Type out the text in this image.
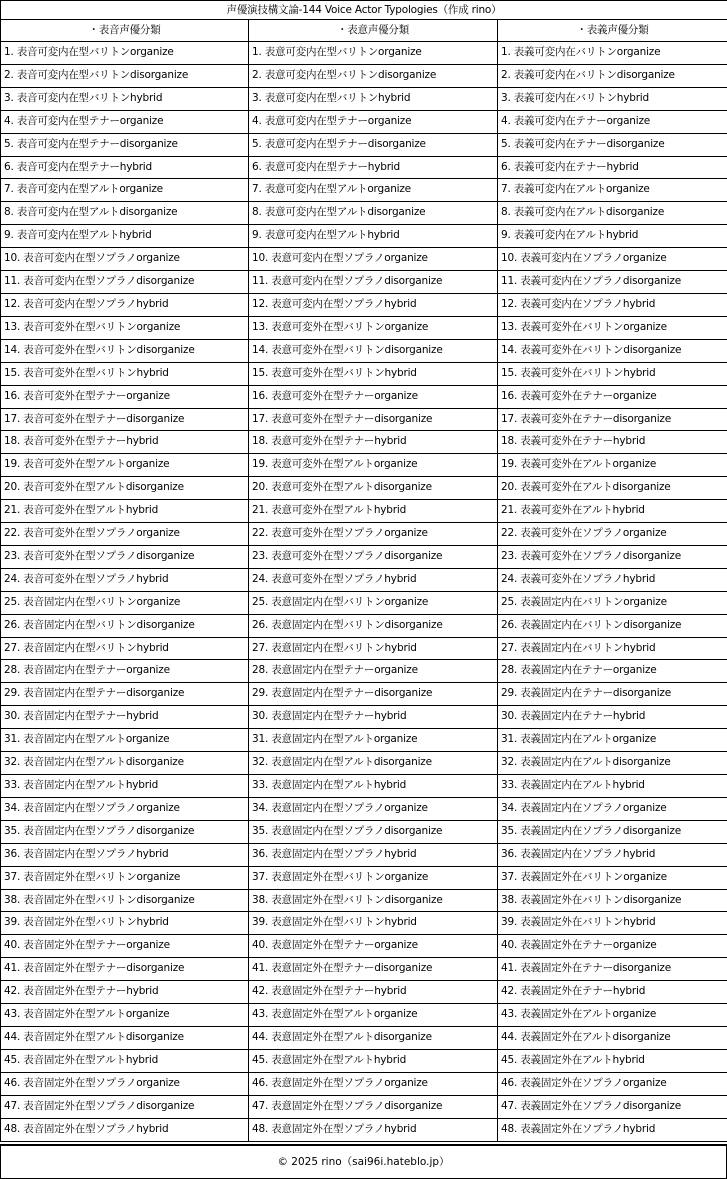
声優演技構文論-144 Voice Actor Typologies（作成 rino）		
・表音声優分類	・表意声優分類	・表義声優分類
1. 表音可変内在型バリトンorganize	1. 表意可変内在型バリトンorganize	1. 表義可変内在バリトンorganize
2. 表音可変内在型バリトンdisorganize	2. 表意可変内在型バリトンdisorganize	2. 表義可変内在バリトンdisorganize
3. 表音可変内在型バリトンhybrid	3. 表意可変内在型バリトンhybrid	3. 表義可変内在バリトンhybrid
4. 表音可変内在型テナーorganize	4. 表意可変内在型テナーorganize	4. 表義可変内在テナーorganize
5. 表音可変内在型テナーdisorganize	5. 表意可変内在型テナーdisorganize	5. 表義可変内在テナーdisorganize
6. 表音可変内在型テナーhybrid	6. 表意可変内在型テナーhybrid	6. 表義可変内在テナーhybrid
7. 表音可変内在型アルトorganize	7. 表意可変内在型アルトorganize	7. 表義可変内在アルトorganize
8. 表音可変内在型アルトdisorganize	8. 表意可変内在型アルトdisorganize	8. 表義可変内在アルトdisorganize
9. 表音可変内在型アルトhybrid	9. 表意可変内在型アルトhybrid	9. 表義可変内在アルトhybrid
10. 表音可変内在型ソプラノorganize	10. 表意可変内在型ソプラノorganize	10. 表義可変内在ソプラノorganize
11. 表音可変内在型ソプラノdisorganize	11. 表意可変内在型ソプラノdisorganize	11. 表義可変内在ソプラノdisorganize
12. 表音可変内在型ソプラノhybrid	12. 表意可変内在型ソプラノhybrid	12. 表義可変内在ソプラノhybrid
13. 表音可変外在型バリトンorganize	13. 表意可変外在型バリトンorganize	13. 表義可変外在バリトンorganize
14. 表音可変外在型バリトンdisorganize	14. 表意可変外在型バリトンdisorganize	14. 表義可変外在バリトンdisorganize
15. 表音可変外在型バリトンhybrid	15. 表意可変外在型バリトンhybrid	15. 表義可変外在バリトンhybrid
16. 表音可変外在型テナーorganize	16. 表意可変外在型テナーorganize	16. 表義可変外在テナーorganize
17. 表音可変外在型テナーdisorganize	17. 表意可変外在型テナーdisorganize	17. 表義可変外在テナーdisorganize
18. 表音可変外在型テナーhybrid	18. 表意可変外在型テナーhybrid	18. 表義可変外在テナーhybrid
19. 表音可変外在型アルトorganize	19. 表意可変外在型アルトorganize	19. 表義可変外在アルトorganize
20. 表音可変外在型アルトdisorganize	20. 表意可変外在型アルトdisorganize	20. 表義可変外在アルトdisorganize
21. 表音可変外在型アルトhybrid	21. 表意可変外在型アルトhybrid	21. 表義可変外在アルトhybrid
22. 表音可変外在型ソプラノorganize	22. 表意可変外在型ソプラノorganize	22. 表義可変外在ソプラノorganize
23. 表音可変外在型ソプラノdisorganize	23. 表意可変外在型ソプラノdisorganize	23. 表義可変外在ソプラノdisorganize
24. 表音可変外在型ソプラノhybrid	24. 表意可変外在型ソプラノhybrid	24. 表義可変外在ソプラノhybrid
25. 表音固定内在型バリトンorganize	25. 表意固定内在型バリトンorganize	25. 表義固定内在バリトンorganize
26. 表音固定内在型バリトンdisorganize	26. 表意固定内在型バリトンdisorganize	26. 表義固定内在バリトンdisorganize
27. 表音固定内在型バリトンhybrid	27. 表意固定内在型バリトンhybrid	27. 表義固定内在バリトンhybrid
28. 表音固定内在型テナーorganize	28. 表意固定内在型テナーorganize	28. 表義固定内在テナーorganize
29. 表音固定内在型テナーdisorganize	29. 表意固定内在型テナーdisorganize	29. 表義固定内在テナーdisorganize
30. 表音固定内在型テナーhybrid	30. 表意固定内在型テナーhybrid	30. 表義固定内在テナーhybrid
31. 表音固定内在型アルトorganize	31. 表意固定内在型アルトorganize	31. 表義固定内在アルトorganize
32. 表音固定内在型アルトdisorganize	32. 表意固定内在型アルトdisorganize	32. 表義固定内在アルトdisorganize
33. 表音固定内在型アルトhybrid	33. 表意固定内在型アルトhybrid	33. 表義固定内在アルトhybrid
34. 表音固定内在型ソプラノorganize	34. 表意固定内在型ソプラノorganize	34. 表義固定内在ソプラノorganize
35. 表音固定内在型ソプラノdisorganize	35. 表意固定内在型ソプラノdisorganize	35. 表義固定内在ソプラノdisorganize
36. 表音固定内在型ソプラノhybrid	36. 表意固定内在型ソプラノhybrid	36. 表義固定内在ソプラノhybrid
37. 表音固定外在型バリトンorganize	37. 表意固定外在型バリトンorganize	37. 表義固定外在バリトンorganize
38. 表音固定外在型バリトンdisorganize	38. 表意固定外在型バリトンdisorganize	38. 表義固定外在バリトンdisorganize
39. 表音固定外在型バリトンhybrid	39. 表意固定外在型バリトンhybrid	39. 表義固定外在バリトンhybrid
40. 表音固定外在型テナーorganize	40. 表意固定外在型テナーorganize	40. 表義固定外在テナーorganize
41. 表音固定外在型テナーdisorganize	41. 表意固定外在型テナーdisorganize	41. 表義固定外在テナーdisorganize
42. 表音固定外在型テナーhybrid	42. 表意固定外在型テナーhybrid	42. 表義固定外在テナーhybrid
43. 表音固定外在型アルトorganize	43. 表意固定外在型アルトorganize	43. 表義固定外在アルトorganize
44. 表音固定外在型アルトdisorganize	44. 表意固定外在型アルトdisorganize	44. 表義固定外在アルトdisorganize
45. 表音固定外在型アルトhybrid	45. 表意固定外在型アルトhybrid	45. 表義固定外在アルトhybrid
46. 表音固定外在型ソプラノorganize	46. 表意固定外在型ソプラノorganize	46. 表義固定外在ソプラノorganize
47. 表音固定外在型ソプラノdisorganize	47. 表意固定外在型ソプラノdisorganize	47. 表義固定外在ソプラノdisorganize
48. 表音固定外在型ソプラノhybrid	48. 表意固定外在型ソプラノhybrid	48. 表義固定外在ソプラノhybrid
© 2025 rino（sai96i.hateblo.jp）
